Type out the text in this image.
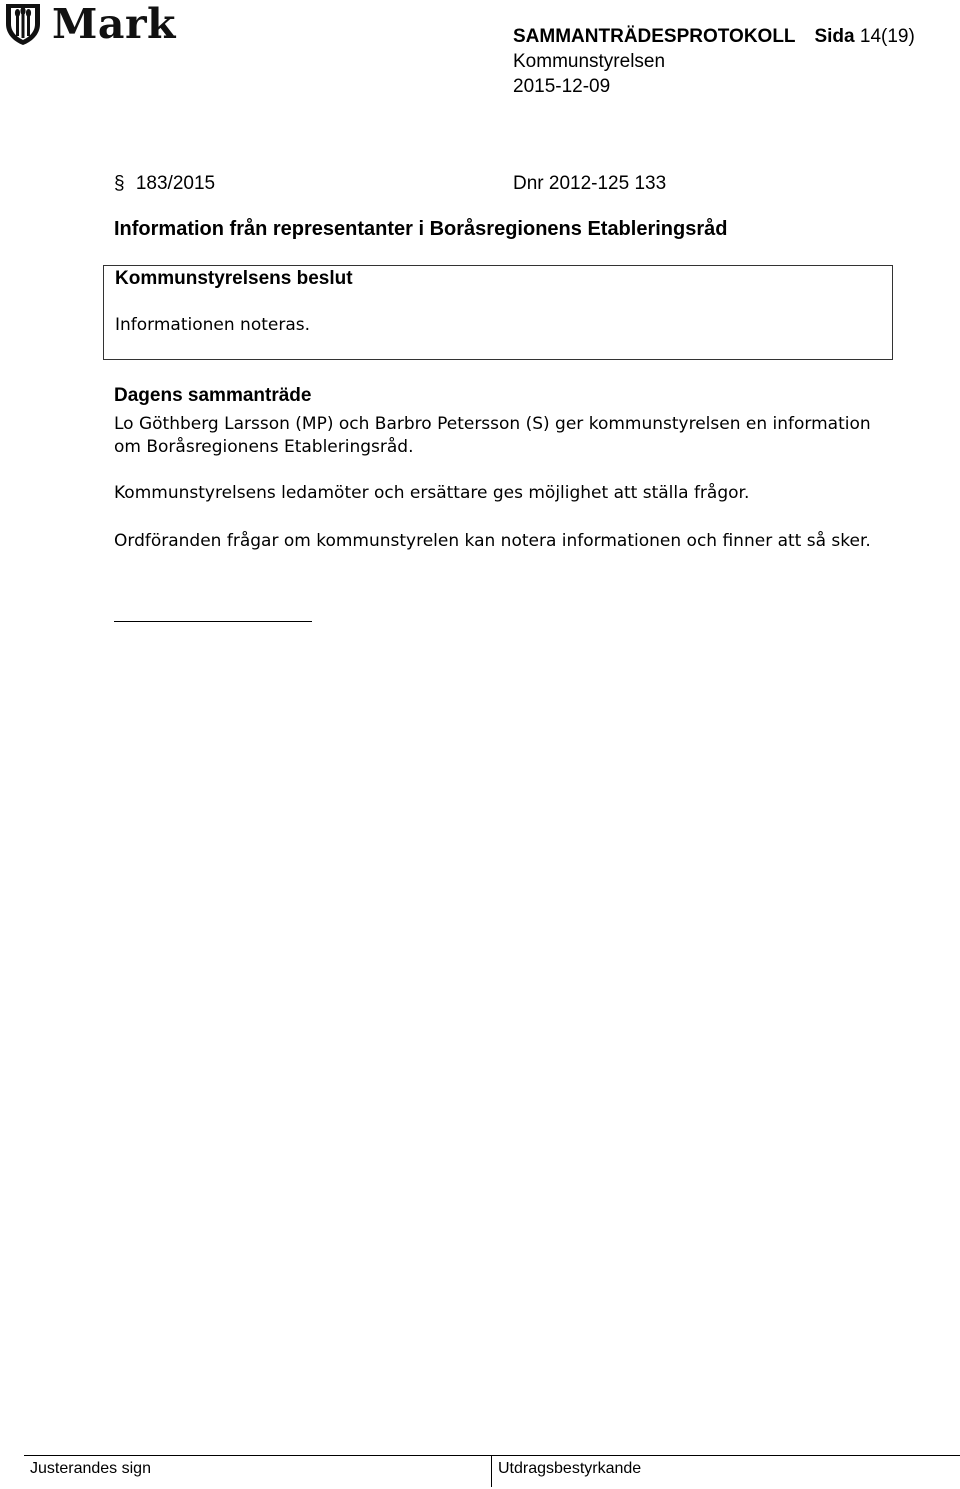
Mark	SAMMANTRÄDESPROTOKOLL Sida 14(19)
Kommunstyrelsen
2015-12-09
§ 183/2015	Dnr 2012-125 133
Information från representanter i Boråsregionens Etableringsråd
Kommunstyrelsens beslut
Informationen noteras.
Dagens sammanträde

Lo Göthberg Larsson (MP) och Barbro Petersson (S) ger kommunstyrelsen en information om Boråsregionens Etableringsråd.

Kommunstyrelsens ledamöter och ersättare ges möjlighet att ställa frågor.

Ordföranden frågar om kommunstyrelen kan notera informationen och finner att så sker.

Justerandes sign	Utdragsbestyrkande
